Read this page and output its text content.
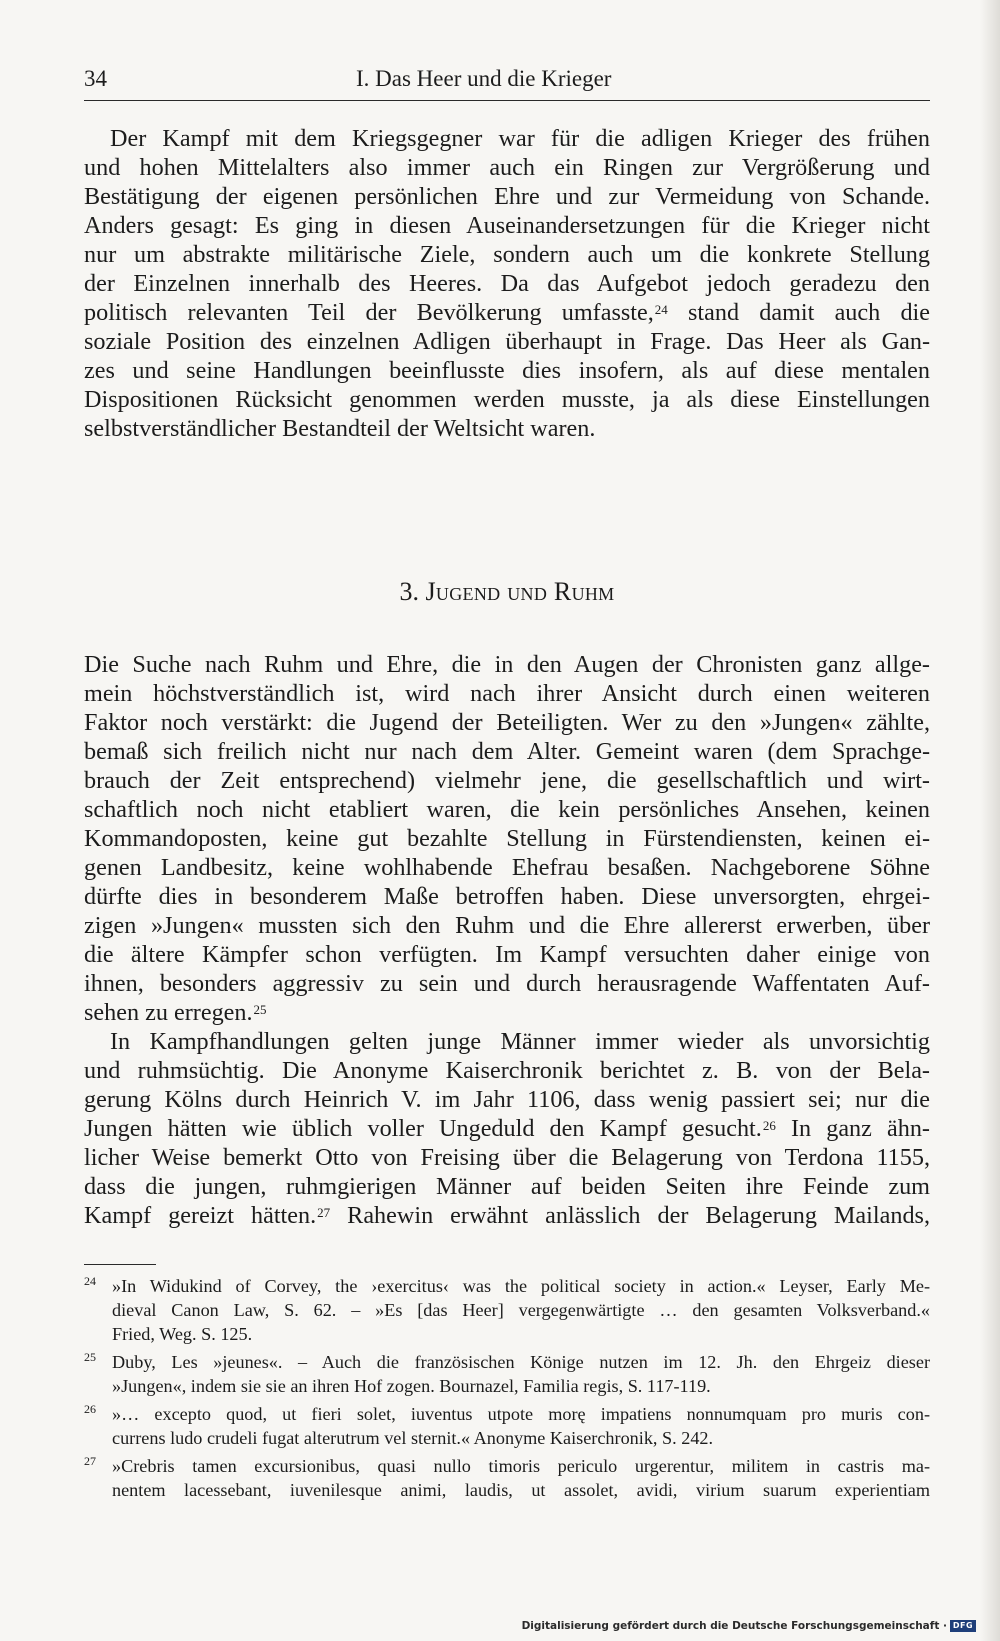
34	I. Das Heer und die Krieger
Der Kampf mit dem Kriegsgegner war für die adligen Krieger des frühen
und hohen Mittelalters also immer auch ein Ringen zur Vergrößerung und
Bestätigung der eigenen persönlichen Ehre und zur Vermeidung von Schande.
Anders gesagt: Es ging in diesen Auseinandersetzungen für die Krieger nicht
nur um abstrakte militärische Ziele, sondern auch um die konkrete Stellung
der Einzelnen innerhalb des Heeres. Da das Aufgebot jedoch geradezu den
politisch relevanten Teil der Bevölkerung umfasste,$^{24}$ stand damit auch die
soziale Position des einzelnen Adligen überhaupt in Frage. Das Heer als Gan-
zes und seine Handlungen beeinflusste dies insofern, als auf diese mentalen
Dispositionen Rücksicht genommen werden musste, ja als diese Einstellungen
selbstverständlicher Bestandteil der Weltsicht waren.
3. Jugend und Ruhm
Die Suche nach Ruhm und Ehre, die in den Augen der Chronisten ganz allge-
mein höchstverständlich ist, wird nach ihrer Ansicht durch einen weiteren
Faktor noch verstärkt: die Jugend der Beteiligten. Wer zu den »Jungen« zählte,
bemaß sich freilich nicht nur nach dem Alter. Gemeint waren (dem Sprachge-
brauch der Zeit entsprechend) vielmehr jene, die gesellschaftlich und wirt-
schaftlich noch nicht etabliert waren, die kein persönliches Ansehen, keinen
Kommandoposten, keine gut bezahlte Stellung in Fürstendiensten, keinen ei-
genen Landbesitz, keine wohlhabende Ehefrau besaßen. Nachgeborene Söhne
dürfte dies in besonderem Maße betroffen haben. Diese unversorgten, ehrgei-
zigen »Jungen« mussten sich den Ruhm und die Ehre allererst erwerben, über
die ältere Kämpfer schon verfügten. Im Kampf versuchten daher einige von
ihnen, besonders aggressiv zu sein und durch herausragende Waffentaten Auf-
sehen zu erregen.$^{25}$
In Kampfhandlungen gelten junge Männer immer wieder als unvorsichtig
und ruhmsüchtig. Die Anonyme Kaiserchronik berichtet z. B. von der Bela-
gerung Kölns durch Heinrich V. im Jahr 1106, dass wenig passiert sei; nur die
Jungen hätten wie üblich voller Ungeduld den Kampf gesucht.$^{26}$ In ganz ähn-
licher Weise bemerkt Otto von Freising über die Belagerung von Terdona 1155,
dass die jungen, ruhmgierigen Männer auf beiden Seiten ihre Feinde zum
Kampf gereizt hätten.$^{27}$ Rahewin erwähnt anlässlich der Belagerung Mailands,
24 »In Widukind of Corvey, the ›exercitus‹ was the political society in action.« Leyser, Early Me-
dieval Canon Law, S. 62. – »Es [das Heer] vergegenwärtigte … den gesamten Volksverband.«
Fried, Weg. S. 125.
25 Duby, Les »jeunes«. – Auch die französischen Könige nutzen im 12. Jh. den Ehrgeiz dieser
»Jungen«, indem sie sie an ihren Hof zogen. Bournazel, Familia regis, S. 117-119.
26 »… excepto quod, ut fieri solet, iuventus utpote morę impatiens nonnumquam pro muris con-
currens ludo crudeli fugat alterutrum vel sternit.« Anonyme Kaiserchronik, S. 242.
27 »Crebris tamen excursionibus, quasi nullo timoris periculo urgerentur, militem in castris ma-
nentem lacessebant, iuvenilesque animi, laudis, ut assolet, avidi, virium suarum experientiam
Digitalisierung gefördert durch die Deutsche Forschungsgemeinschaft · DFG
